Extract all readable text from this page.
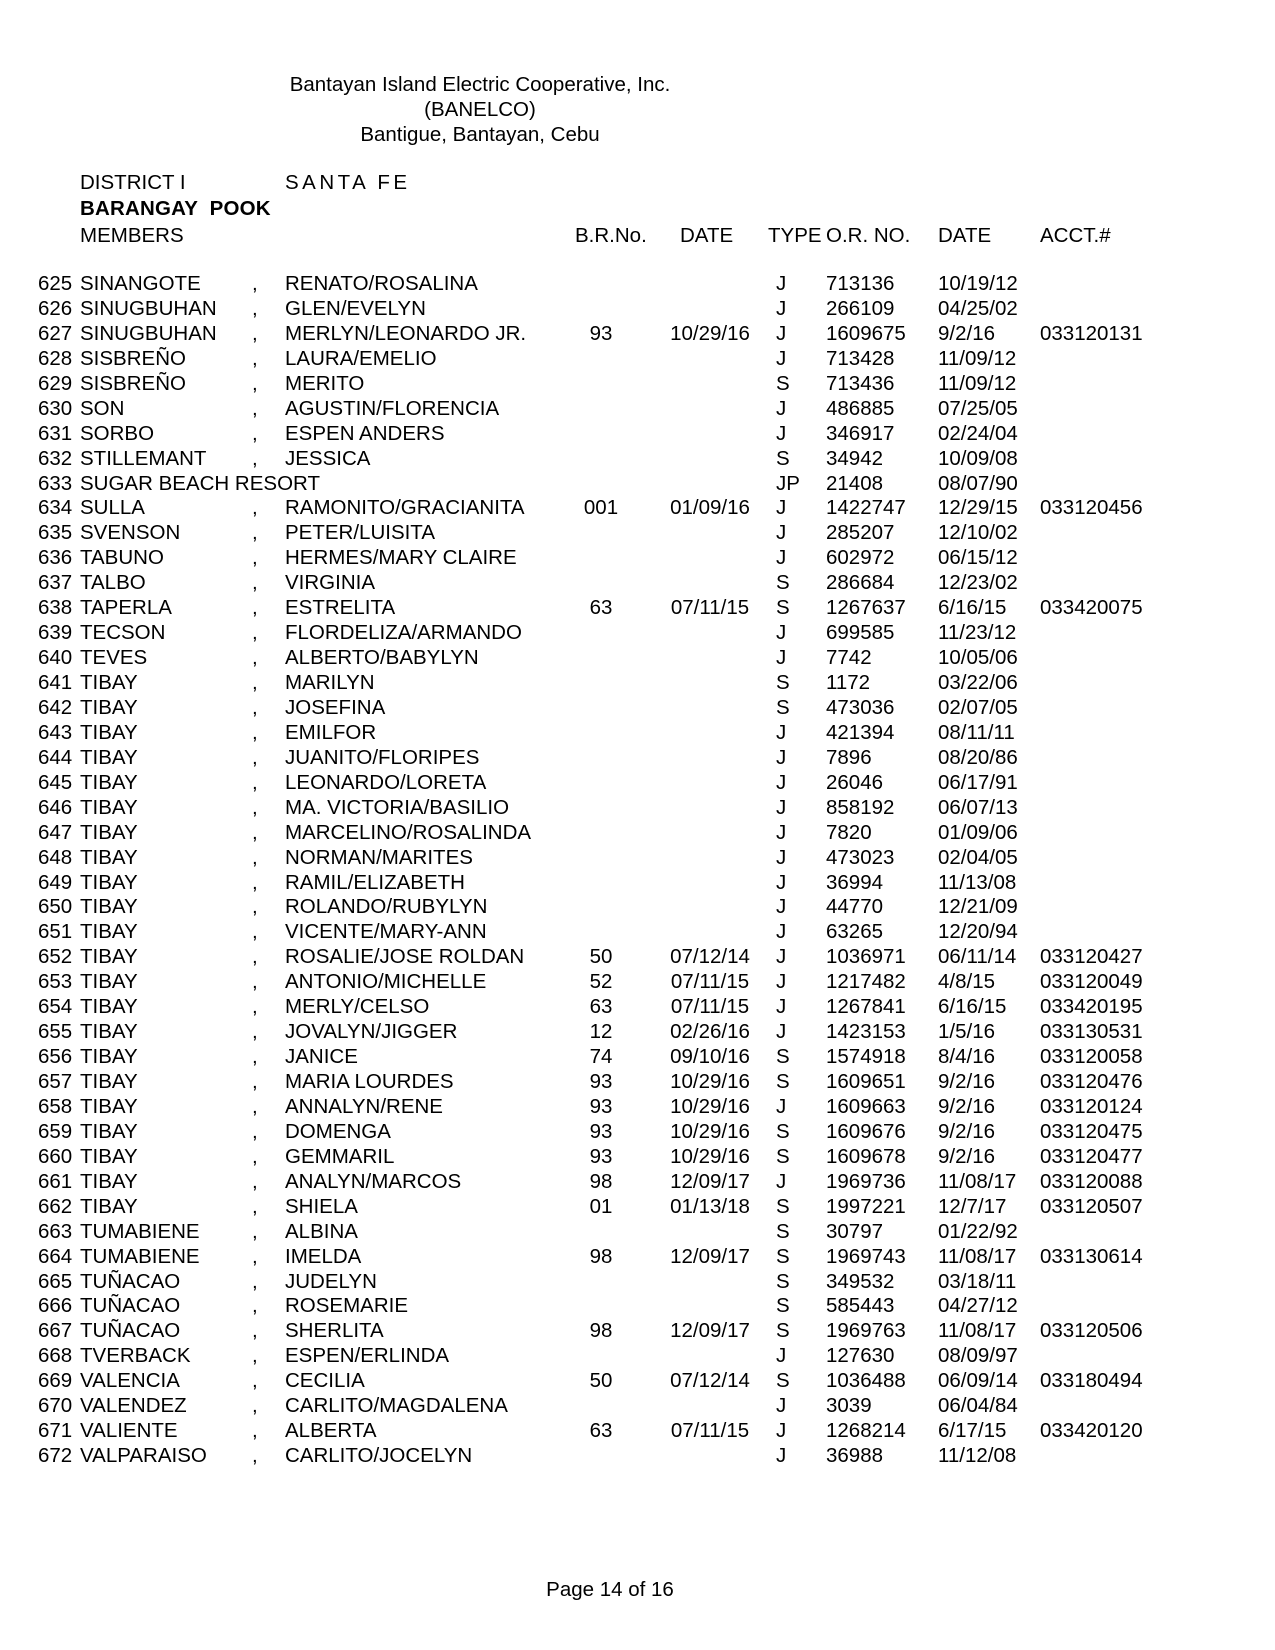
Bantayan Island Electric Cooperative, Inc.
(BANELCO)
Bantigue, Bantayan, Cebu

DISTRICT I

	SANTA FE

BARANGAY  POOK
MEMBERS	B.R.No. DATE TYPE O.R. NO. DATE ACCT.#
625 SINANGOTE	, RENATO/ROSALINA	J	713136 10/19/12
626 SINUGBUHAN , GLEN/EVELYN	J	266109 04/25/02
627 SINUGBUHAN , MERLYN/LEONARDO JR.	93	10/29/16	J	1609675 9/2/16 033120131
628 SISBREÑO	, LAURA/EMELIO	J	713428 11/09/12
629 SISBREÑO	, MERITO	S	713436 11/09/12
630 SON	, AGUSTIN/FLORENCIA	J	486885 07/25/05
631 SORBO	, ESPEN ANDERS	J	346917 02/24/04
632 STILLEMANT , JESSICA	S	34942	10/09/08
633 SUGAR BEACH RESORT	JP 21408	08/07/90
634 SULLA	, RAMONITO/GRACIANITA	001	01/09/16	J	1422747 12/29/15 033120456
635 SVENSON	, PETER/LUISITA	J	285207 12/10/02
636 TABUNO	, HERMES/MARY CLAIRE	J	602972 06/15/12
637 TALBO	, VIRGINIA	S	286684 12/23/02
638 TAPERLA	, ESTRELITA	63	07/11/15	S	1267637 6/16/15 033420075
639 TECSON	, FLORDELIZA/ARMANDO	J	699585 11/23/12
640 TEVES	, ALBERTO/BABYLYN	J	7742	10/05/06
641 TIBAY	, MARILYN	S	1172	03/22/06
642 TIBAY	, JOSEFINA	S	473036 02/07/05
643 TIBAY	, EMILFOR	J	421394 08/11/11
644 TIBAY	, JUANITO/FLORIPES	J	7896	08/20/86
645 TIBAY	, LEONARDO/LORETA	J	26046	06/17/91
646 TIBAY	, MA. VICTORIA/BASILIO	J	858192 06/07/13
647 TIBAY	, MARCELINO/ROSALINDA	J	7820	01/09/06
648 TIBAY	, NORMAN/MARITES	J	473023 02/04/05
649 TIBAY	, RAMIL/ELIZABETH	J	36994	11/13/08
650 TIBAY	, ROLANDO/RUBYLYN	J	44770	12/21/09
651 TIBAY	, VICENTE/MARY-ANN	J	63265	12/20/94
652 TIBAY	, ROSALIE/JOSE ROLDAN	50	07/12/14	J	1036971 06/11/14 033120427
653 TIBAY	, ANTONIO/MICHELLE	52	07/11/15	J	1217482 4/8/15 033120049
654 TIBAY	, MERLY/CELSO	63	07/11/15	J	1267841 6/16/15 033420195
655 TIBAY	, JOVALYN/JIGGER	12	02/26/16	J	1423153 1/5/16 033130531
656 TIBAY	, JANICE	74	09/10/16	S	1574918 8/4/16 033120058
657 TIBAY	, MARIA LOURDES	93	10/29/16	S	1609651 9/2/16 033120476
658 TIBAY	, ANNALYN/RENE	93	10/29/16	J	1609663 9/2/16 033120124
659 TIBAY	, DOMENGA	93	10/29/16	S	1609676 9/2/16 033120475
660 TIBAY	, GEMMARIL	93	10/29/16	S	1609678 9/2/16 033120477
661 TIBAY	, ANALYN/MARCOS	98	12/09/17	J	1969736 11/08/17 033120088
662 TIBAY	, SHIELA	01	01/13/18	S	1997221 12/7/17 033120507
663 TUMABIENE	, ALBINA	S	30797	01/22/92
664 TUMABIENE	, IMELDA	98	12/09/17	S	1969743 11/08/17 033130614
665 TUÑACAO	, JUDELYN	S	349532 03/18/11
666 TUÑACAO	, ROSEMARIE	S	585443 04/27/12
667 TUÑACAO	, SHERLITA	98	12/09/17	S	1969763 11/08/17 033120506
668 TVERBACK	, ESPEN/ERLINDA	J	127630 08/09/97
669 VALENCIA	, CECILIA	50	07/12/14	S	1036488 06/09/14 033180494
670 VALENDEZ	, CARLITO/MAGDALENA	J	3039	06/04/84
671 VALIENTE	, ALBERTA	63	07/11/15	J	1268214 6/17/15 033420120
672 VALPARAISO , CARLITO/JOCELYN	J	36988	11/12/08
Page 14 of 16
